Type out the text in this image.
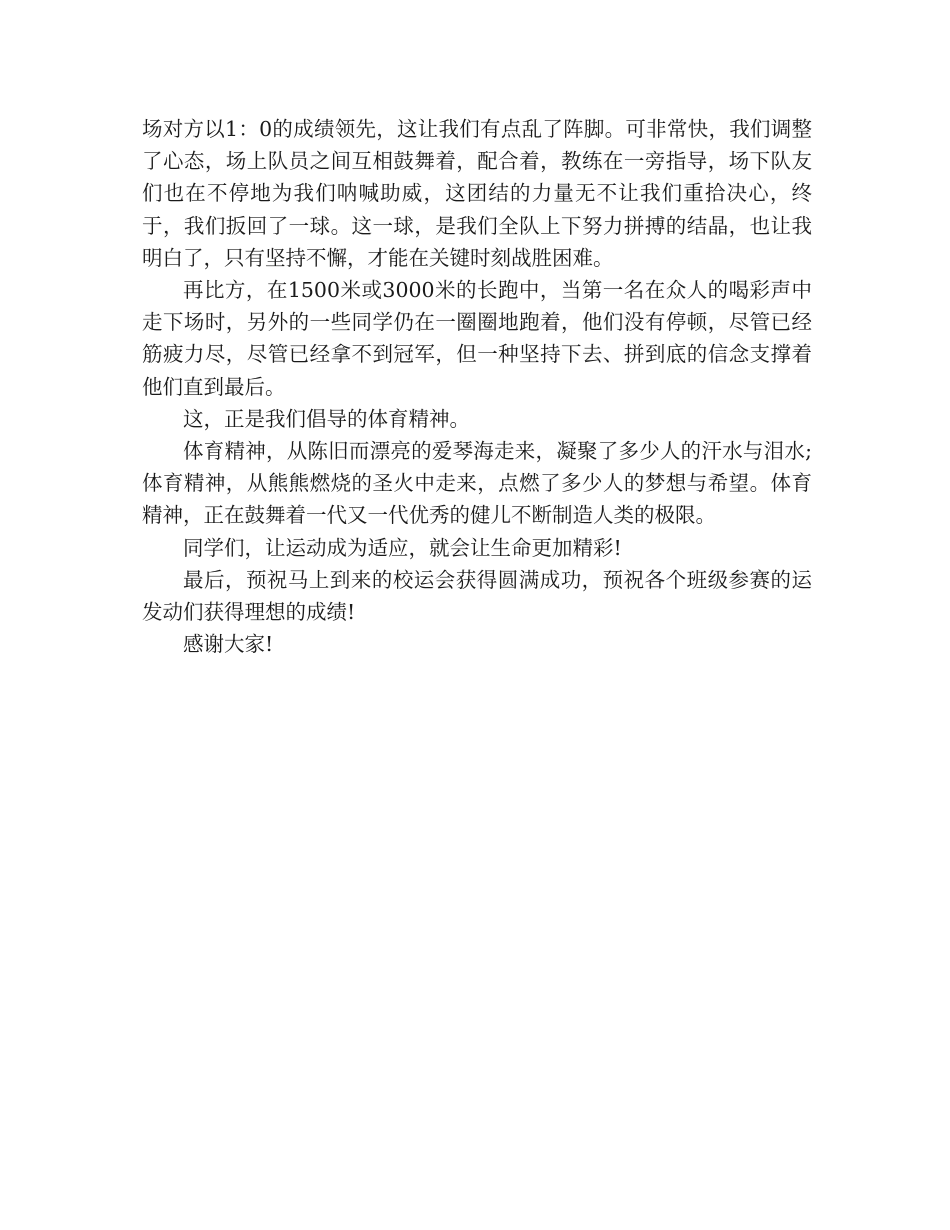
场对方以1：0的成绩领先，这让我们有点乱了阵脚。可非常快，我们调整了心态，场上队员之间互相鼓舞着，配合着，教练在一旁指导，场下队友们也在不停地为我们呐喊助威，这团结的力量无不让我们重拾决心，终于，我们扳回了一球。这一球，是我们全队上下努力拼搏的结晶，也让我明白了，只有坚持不懈，才能在关键时刻战胜困难。

再比方，在1500米或3000米的长跑中，当第一名在众人的喝彩声中走下场时，另外的一些同学仍在一圈圈地跑着，他们没有停顿，尽管已经筋疲力尽，尽管已经拿不到冠军，但一种坚持下去、拼到底的信念支撑着他们直到最后。

这，正是我们倡导的体育精神。

体育精神，从陈旧而漂亮的爱琴海走来，凝聚了多少人的汗水与泪水;体育精神，从熊熊燃烧的圣火中走来，点燃了多少人的梦想与希望。体育精神，正在鼓舞着一代又一代优秀的健儿不断制造人类的极限。

同学们，让运动成为适应，就会让生命更加精彩!

最后，预祝马上到来的校运会获得圆满成功，预祝各个班级参赛的运发动们获得理想的成绩!

感谢大家!
